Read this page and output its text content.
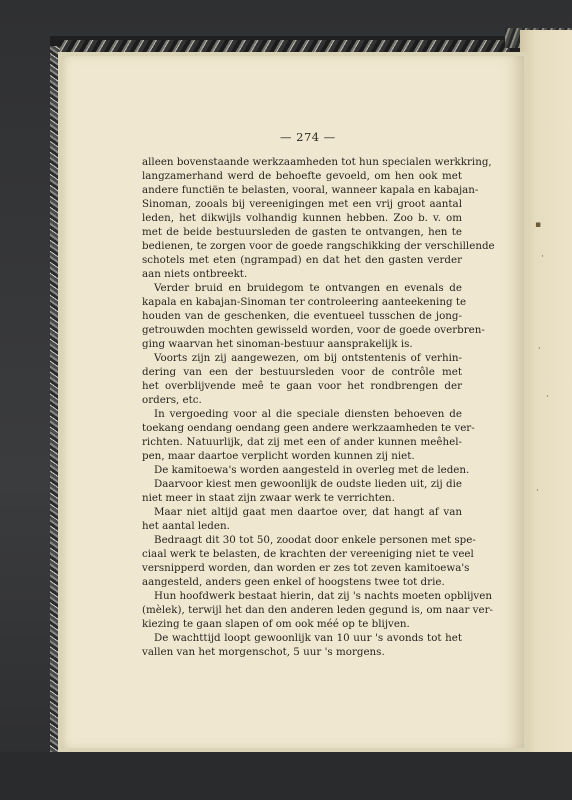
▪
·
·
·
·
— 274 —
alleen bovenstaande werkzaamheden tot hun specialen werkkring,
langzamerhand werd de behoefte gevoeld, om hen ook met
andere functiën te belasten, vooral, wanneer kapala en kabajan-
Sinoman, zooals bij vereenigingen met een vrij groot aantal
leden, het dikwijls volhandig kunnen hebben. Zoo b. v. om
met de beide bestuursleden de gasten te ontvangen, hen te
bedienen, te zorgen voor de goede rangschikking der verschillende
schotels met eten (ngrampad) en dat het den gasten verder
aan niets ontbreekt.
Verder bruid en bruidegom te ontvangen en evenals de
kapala en kabajan-Sinoman ter controleering aanteekening te
houden van de geschenken, die eventueel tusschen de jong-
getrouwden mochten gewisseld worden, voor de goede overbren-
ging waarvan het sinoman-bestuur aansprakelijk is.
Voorts zijn zij aangewezen, om bij ontstentenis of verhin-
dering van een der bestuursleden voor de contrôle met
het overblijvende meê te gaan voor het rondbrengen der
orders, etc.
In vergoeding voor al die speciale diensten behoeven de
toekang oendang oendang geen andere werkzaamheden te ver-
richten. Natuurlijk, dat zij met een of ander kunnen meêhel-
pen, maar daartoe verplicht worden kunnen zij niet.
De kamitoewa's worden aangesteld in overleg met de leden.
Daarvoor kiest men gewoonlijk de oudste lieden uit, zij die
niet meer in staat zijn zwaar werk te verrichten.
Maar niet altijd gaat men daartoe over, dat hangt af van
het aantal leden.
Bedraagt dit 30 tot 50, zoodat door enkele personen met spe-
ciaal werk te belasten, de krachten der vereeniging niet te veel
versnipperd worden, dan worden er zes tot zeven kamitoewa's
aangesteld, anders geen enkel of hoogstens twee tot drie.
Hun hoofdwerk bestaat hierin, dat zij 's nachts moeten opblijven
(mèlek), terwijl het dan den anderen leden gegund is, om naar ver-
kiezing te gaan slapen of om ook méé op te blijven.
De wachttijd loopt gewoonlijk van 10 uur 's avonds tot het
vallen van het morgenschot, 5 uur 's morgens.
